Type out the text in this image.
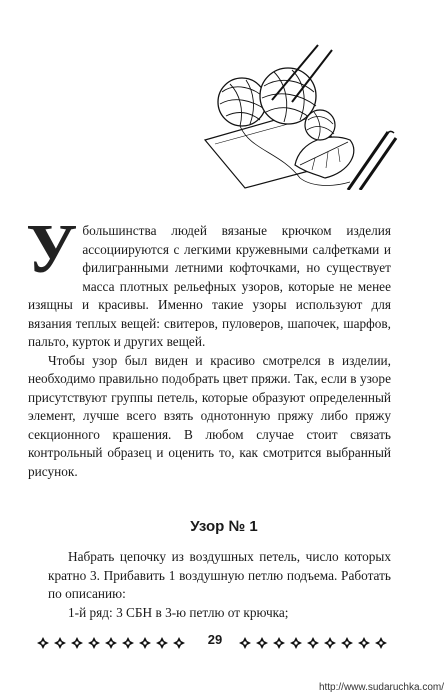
У большинства людей вязаные крючком изделия ассоциируются с легкими кружевными салфетками и филигранными летними кофточками, но существует масса плотных рельефных узоров, которые не менее изящны и красивы. Именно такие узоры используют для вязания теплых вещей: свитеров, пуловеров, шапочек, шарфов, пальто, курток и других вещей.

Чтобы узор был виден и красиво смотрелся в изделии, необходимо правильно подобрать цвет пряжи. Так, если в узоре присутствуют группы петель, которые образуют определенный элемент, лучше всего взять однотонную пряжу либо пряжу секционного крашения. В любом случае стоит связать контрольный образец и оценить то, как смотрится выбранный рисунок.

Узор № 1

Набрать цепочку из воздушных петель, число которых кратно 3. Прибавить 1 воздушную петлю подъема. Работать по описанию:

1-й ряд: 3 СБН в 3-ю петлю от крючка;

29
http://www.sudaruchka.com/
